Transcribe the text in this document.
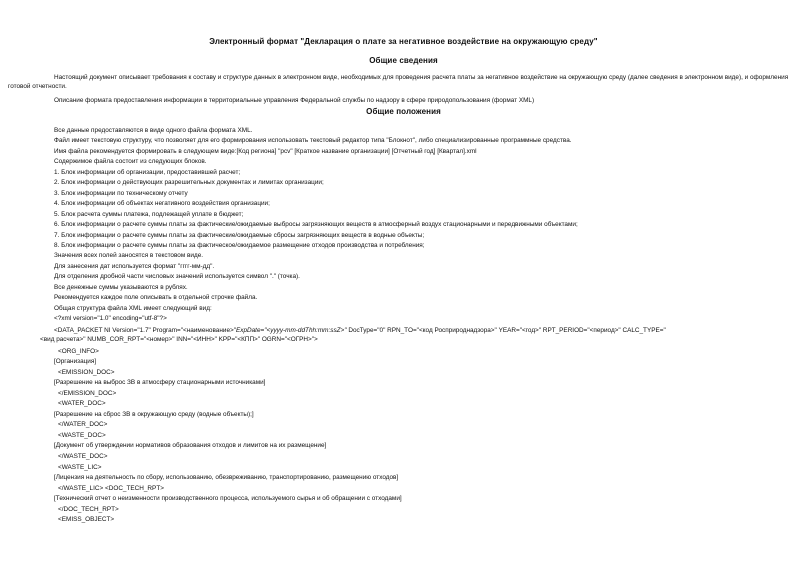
Электронный формат "Декларация о плате за негативное воздействие на окружающую среду"
Общие сведения
Настоящий документ описывает требования к составу и структуре данных в электронном виде, необходимых для проведения расчета платы за негативное воздействие на окружающую среду (далее сведения в электронном виде), и оформления готовой отчетности.
Описание формата предоставления информации в территориальные управления Федеральной службы по надзору в сфере природопользования (формат XML)
Общие положения
Все данные предоставляются в виде одного файла формата XML.
Файл имеет текстовую структуру, что позволяет для его формирования использовать текстовый редактор типа "Блокнот", либо специализированные программные средства.
Имя файла рекомендуется формировать в следующем виде:[Код региона] "pcv" [Краткое название организации] [Отчетный год] [Квартал].xml
Содержимое файла состоит из следующих блоков.
1. Блок информации об организации, предоставившей расчет;
2. Блок информации о действующих разрешительных документах и лимитах организации;
3. Блок информации по техническому отчету
4. Блок информации об объектах негативного воздействия организации;
5. Блок расчета суммы платежа, подлежащей уплате в бюджет;
6. Блок информации о расчете суммы платы за фактические/ожидаемые выбросы загрязняющих веществ в атмосферный воздух стационарными и передвижными объектами;
7. Блок информации о расчете суммы платы за фактические/ожидаемые сбросы загрязняющих веществ в водные объекты;
8. Блок информации о расчете суммы платы за фактическое/ожидаемое размещение отходов производства и потребления;
Значения всех полей заносятся в текстовом виде.
Для занесения дат используется формат "гггг-мм-дд".
Для отделения дробной части числовых значений используется символ "." (точка).
Все денежные суммы указываются в рублях.
Рекомендуется каждое поле описывать в отдельной строчке файла.
Общая структура файла XML имеет следующий вид:
<?xml version="1.0" encoding="utf-8"?>
<DATA_PACKET NI Version="1.7" Program="<наименование>"ExpDate="<yyyy-mm-ddThh:mm:ssZ>" DocType="0" RPN_TO="<код Росприроднадзора>" YEAR="<год>" RPT_PERIOD="<период>" CALC_TYPE="
<вид расчета>" NUMB_COR_RPT="<номер>" INN="<ИНН>" KPP="<КПП>" OGRN="<ОГРН>">
<ORG_INFO>
[Организация]
<EMISSION_DOC>
[Разрешение на выброс ЗВ в атмосферу стационарными источниками]
</EMISSION_DOC>
<WATER_DOC>
[Разрешение на сброс ЗВ в окружающую среду (водные объекты);]
</WATER_DOC>
<WASTE_DOC>
[Документ об утверждении нормативов образования отходов и лимитов на их размещение]
</WASTE_DOC>
<WASTE_LIC>
[Лицензия на деятельность по сбору, использованию, обезвреживанию, транспортированию, размещению отходов]
</WASTE_LIC> <DOC_TECH_RPT>
[Технический отчет о неизменности производственного процесса, используемого сырья и об обращении с отходами]
</DOC_TECH_RPT>
<EMISS_OBJECT>
